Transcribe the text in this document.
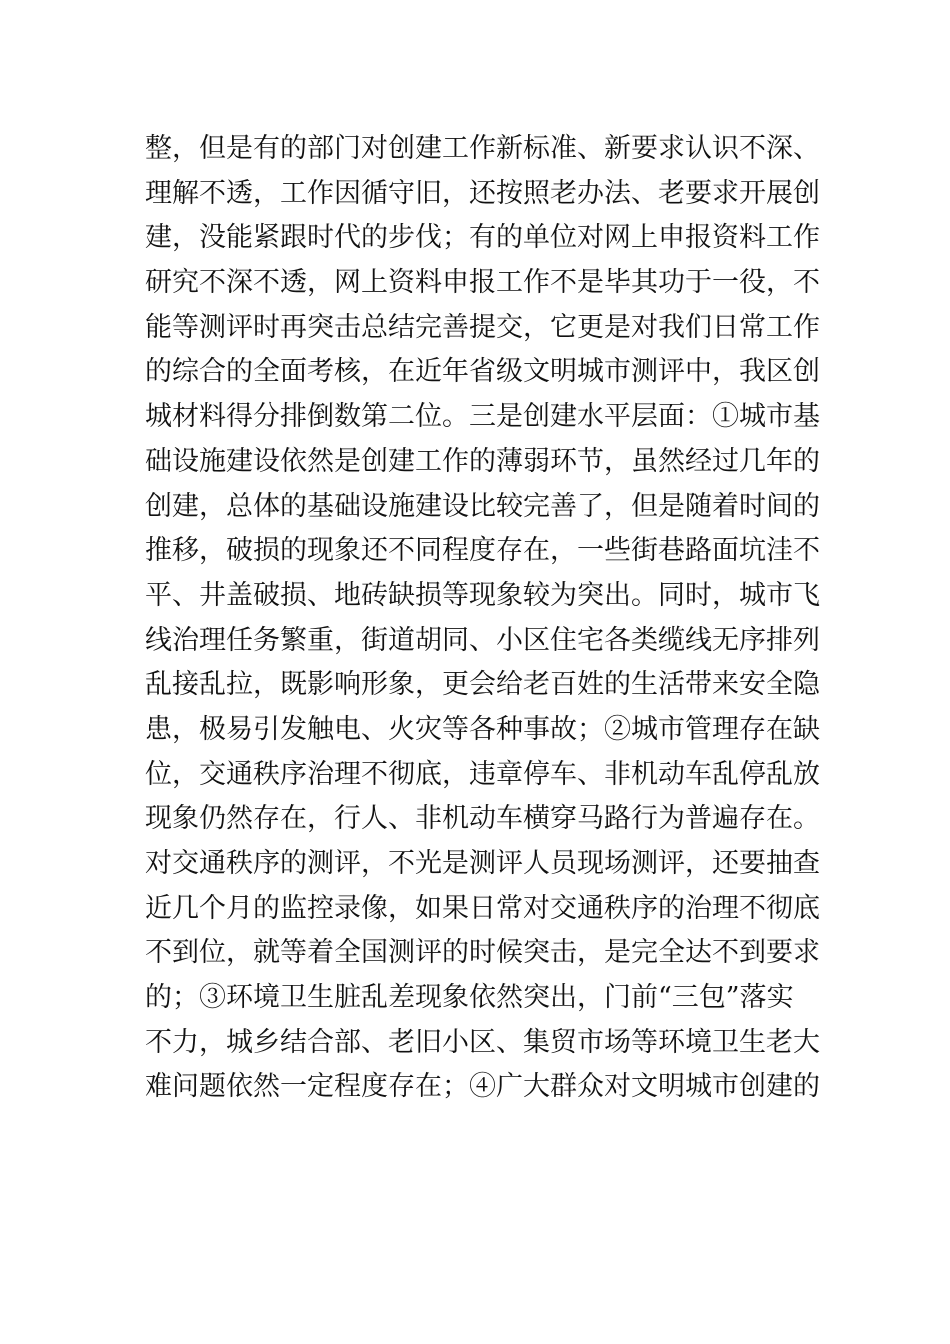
整，但是有的部门对创建工作新标准、新要求认识不深、
理解不透，工作因循守旧，还按照老办法、老要求开展创
建，没能紧跟时代的步伐；有的单位对网上申报资料工作
研究不深不透，网上资料申报工作不是毕其功于一役，不
能等测评时再突击总结完善提交，它更是对我们日常工作
的综合的全面考核，在近年省级文明城市测评中，我区创
城材料得分排倒数第二位。三是创建水平层面：①城市基
础设施建设依然是创建工作的薄弱环节，虽然经过几年的
创建，总体的基础设施建设比较完善了，但是随着时间的
推移，破损的现象还不同程度存在，一些街巷路面坑洼不
平、井盖破损、地砖缺损等现象较为突出。同时，城市飞
线治理任务繁重，街道胡同、小区住宅各类缆线无序排列
乱接乱拉，既影响形象，更会给老百姓的生活带来安全隐
患，极易引发触电、火灾等各种事故；②城市管理存在缺
位，交通秩序治理不彻底，违章停车、非机动车乱停乱放
现象仍然存在，行人、非机动车横穿马路行为普遍存在。
对交通秩序的测评，不光是测评人员现场测评，还要抽查
近几个月的监控录像，如果日常对交通秩序的治理不彻底
不到位，就等着全国测评的时候突击，是完全达不到要求
的；③环境卫生脏乱差现象依然突出，门前“三包”落实
不力，城乡结合部、老旧小区、集贸市场等环境卫生老大
难问题依然一定程度存在；④广大群众对文明城市创建的
